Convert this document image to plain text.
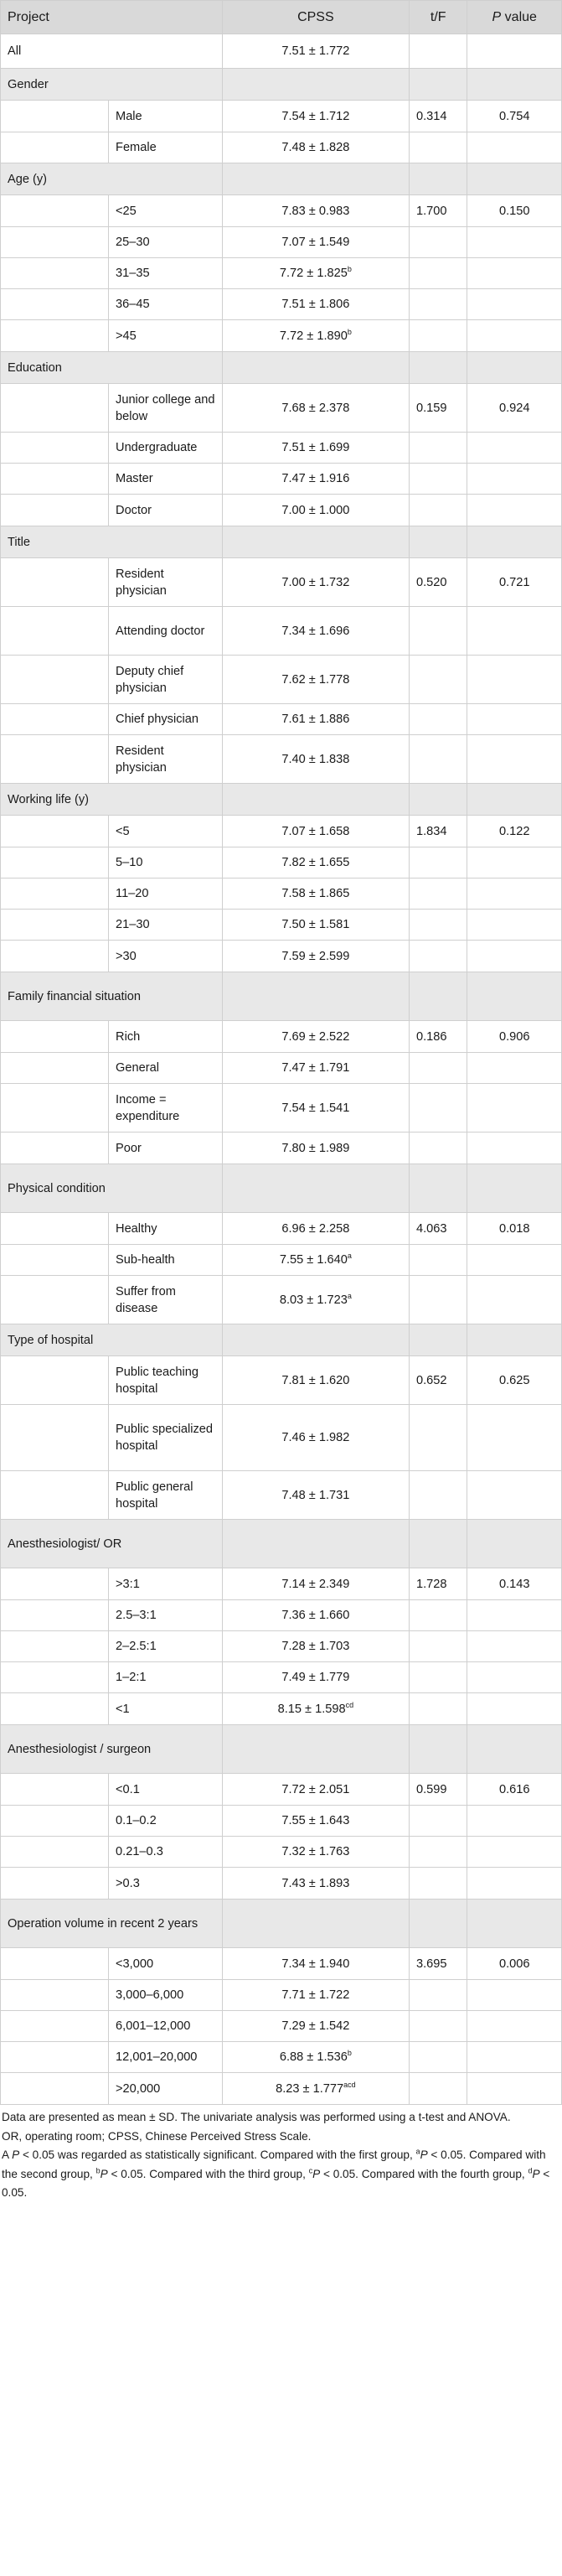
Project		CPSS	t/F	P value
All		7.51 ± 1.772		
Gender				
	Male	7.54 ± 1.712	0.314	0.754
	Female	7.48 ± 1.828		
Age (y)				
	<25	7.83 ± 0.983	1.700	0.150
	25–30	7.07 ± 1.549		
	31–35	7.72 ± 1.825$^b$		
	36–45	7.51 ± 1.806		
	>45	7.72 ± 1.890$^b$		
Education				
	Junior college and below	7.68 ± 2.378	0.159	0.924
	Undergraduate	7.51 ± 1.699		
	Master	7.47 ± 1.916		
	Doctor	7.00 ± 1.000		
Title				
	Resident physician	7.00 ± 1.732	0.520	0.721
	Attending doctor	7.34 ± 1.696		
	Deputy chief physician	7.62 ± 1.778		
	Chief physician	7.61 ± 1.886		
	Resident physician	7.40 ± 1.838		
Working life (y)				
	<5	7.07 ± 1.658	1.834	0.122
	5–10	7.82 ± 1.655		
	11–20	7.58 ± 1.865		
	21–30	7.50 ± 1.581		
	>30	7.59 ± 2.599		
Family financial situation				
	Rich	7.69 ± 2.522	0.186	0.906
	General	7.47 ± 1.791		
	Income = expenditure	7.54 ± 1.541		
	Poor	7.80 ± 1.989		
Physical condition				
	Healthy	6.96 ± 2.258	4.063	0.018
	Sub-health	7.55 ± 1.640$^a$		
	Suffer from disease	8.03 ± 1.723$^a$		
Type of hospital				
	Public teaching hospital	7.81 ± 1.620	0.652	0.625
	Public specialized hospital	7.46 ± 1.982		
	Public general hospital	7.48 ± 1.731		
Anesthesiologist/ OR				
	>3:1	7.14 ± 2.349	1.728	0.143
	2.5–3:1	7.36 ± 1.660		
	2–2.5:1	7.28 ± 1.703		
	1–2:1	7.49 ± 1.779		
	<1	8.15 ± 1.598$^{cd}$		
Anesthesiologist / surgeon				
	<0.1	7.72 ± 2.051	0.599	0.616
	0.1–0.2	7.55 ± 1.643		
	0.21–0.3	7.32 ± 1.763		
	>0.3	7.43 ± 1.893		
Operation volume in recent 2 years				
	<3,000	7.34 ± 1.940	3.695	0.006
	3,000–6,000	7.71 ± 1.722		
	6,001–12,000	7.29 ± 1.542		
	12,001–20,000	6.88 ± 1.536$^b$		
	>20,000	8.23 ± 1.777$^{acd}$		

Data are presented as mean ± SD. The univariate analysis was performed using a t-test and ANOVA.

OR, operating room; CPSS, Chinese Perceived Stress Scale.

A P < 0.05 was regarded as statistically significant. Compared with the first group, $^a$P < 0.05. Compared with the second group, $^b$P < 0.05. Compared with the third group, $^c$P < 0.05. Compared with the fourth group, $^d$P < 0.05.
